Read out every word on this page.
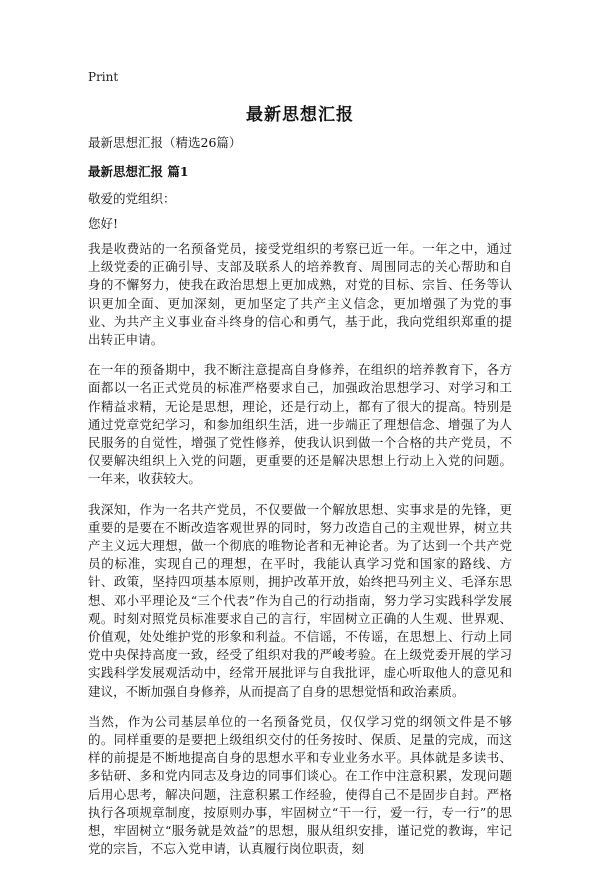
Print
最新思想汇报
最新思想汇报（精选26篇）
最新思想汇报 篇1
敬爱的党组织：
您好!

我是收费站的一名预备党员，接受党组织的考察已近一年。一年之中，通过上级党委的正确引导、支部及联系人的培养教育、周围同志的关心帮助和自身的不懈努力，使我在政治思想上更加成熟，对党的目标、宗旨、任务等认识更加全面、更加深刻，更加坚定了共产主义信念，更加增强了为党的事业、为共产主义事业奋斗终身的信心和勇气，基于此，我向党组织郑重的提出转正申请。

在一年的预备期中，我不断注意提高自身修养，在组织的培养教育下，各方面都以一名正式党员的标准严格要求自己，加强政治思想学习、对学习和工作精益求精，无论是思想，理论，还是行动上，都有了很大的提高。特别是通过党章党纪学习，和参加组织生活，进一步端正了理想信念、增强了为人民服务的自觉性，增强了党性修养，使我认识到做一个合格的共产党员，不仅要解决组织上入党的问题，更重要的还是解决思想上行动上入党的问题。一年来，收获较大。

我深知，作为一名共产党员，不仅要做一个解放思想、实事求是的先锋，更重要的是要在不断改造客观世界的同时，努力改造自己的主观世界，树立共产主义远大理想，做一个彻底的唯物论者和无神论者。为了达到一个共产党员的标准，实现自己的理想，在平时，我能认真学习党和国家的路线、方针、政策，坚持四项基本原则，拥护改革开放，始终把马列主义、毛泽东思想、邓小平理论及“三个代表”作为自己的行动指南，努力学习实践科学发展观。时刻对照党员标准要求自己的言行，牢固树立正确的人生观、世界观、价值观，处处维护党的形象和利益。不信谣，不传谣，在思想上、行动上同党中央保持高度一致，经受了组织对我的严峻考验。在上级党委开展的学习实践科学发展观活动中，经常开展批评与自我批评，虚心听取他人的意见和建议，不断加强自身修养，从而提高了自身的思想觉悟和政治素质。

当然，作为公司基层单位的一名预备党员，仅仅学习党的纲领文件是不够的。同样重要的是要把上级组织交付的任务按时、保质、足量的完成，而这样的前提是不断地提高自身的思想水平和专业业务水平。具体就是多读书、多钻研、多和党内同志及身边的同事们谈心。在工作中注意积累，发现问题后用心思考，解决问题，注意积累工作经验，使得自己不是固步自封。严格执行各项规章制度，按原则办事，牢固树立“干一行，爱一行，专一行”的思想，牢固树立“服务就是效益”的思想，服从组织安排，谨记党的教诲，牢记党的宗旨，不忘入党申请，认真履行岗位职责，刻
